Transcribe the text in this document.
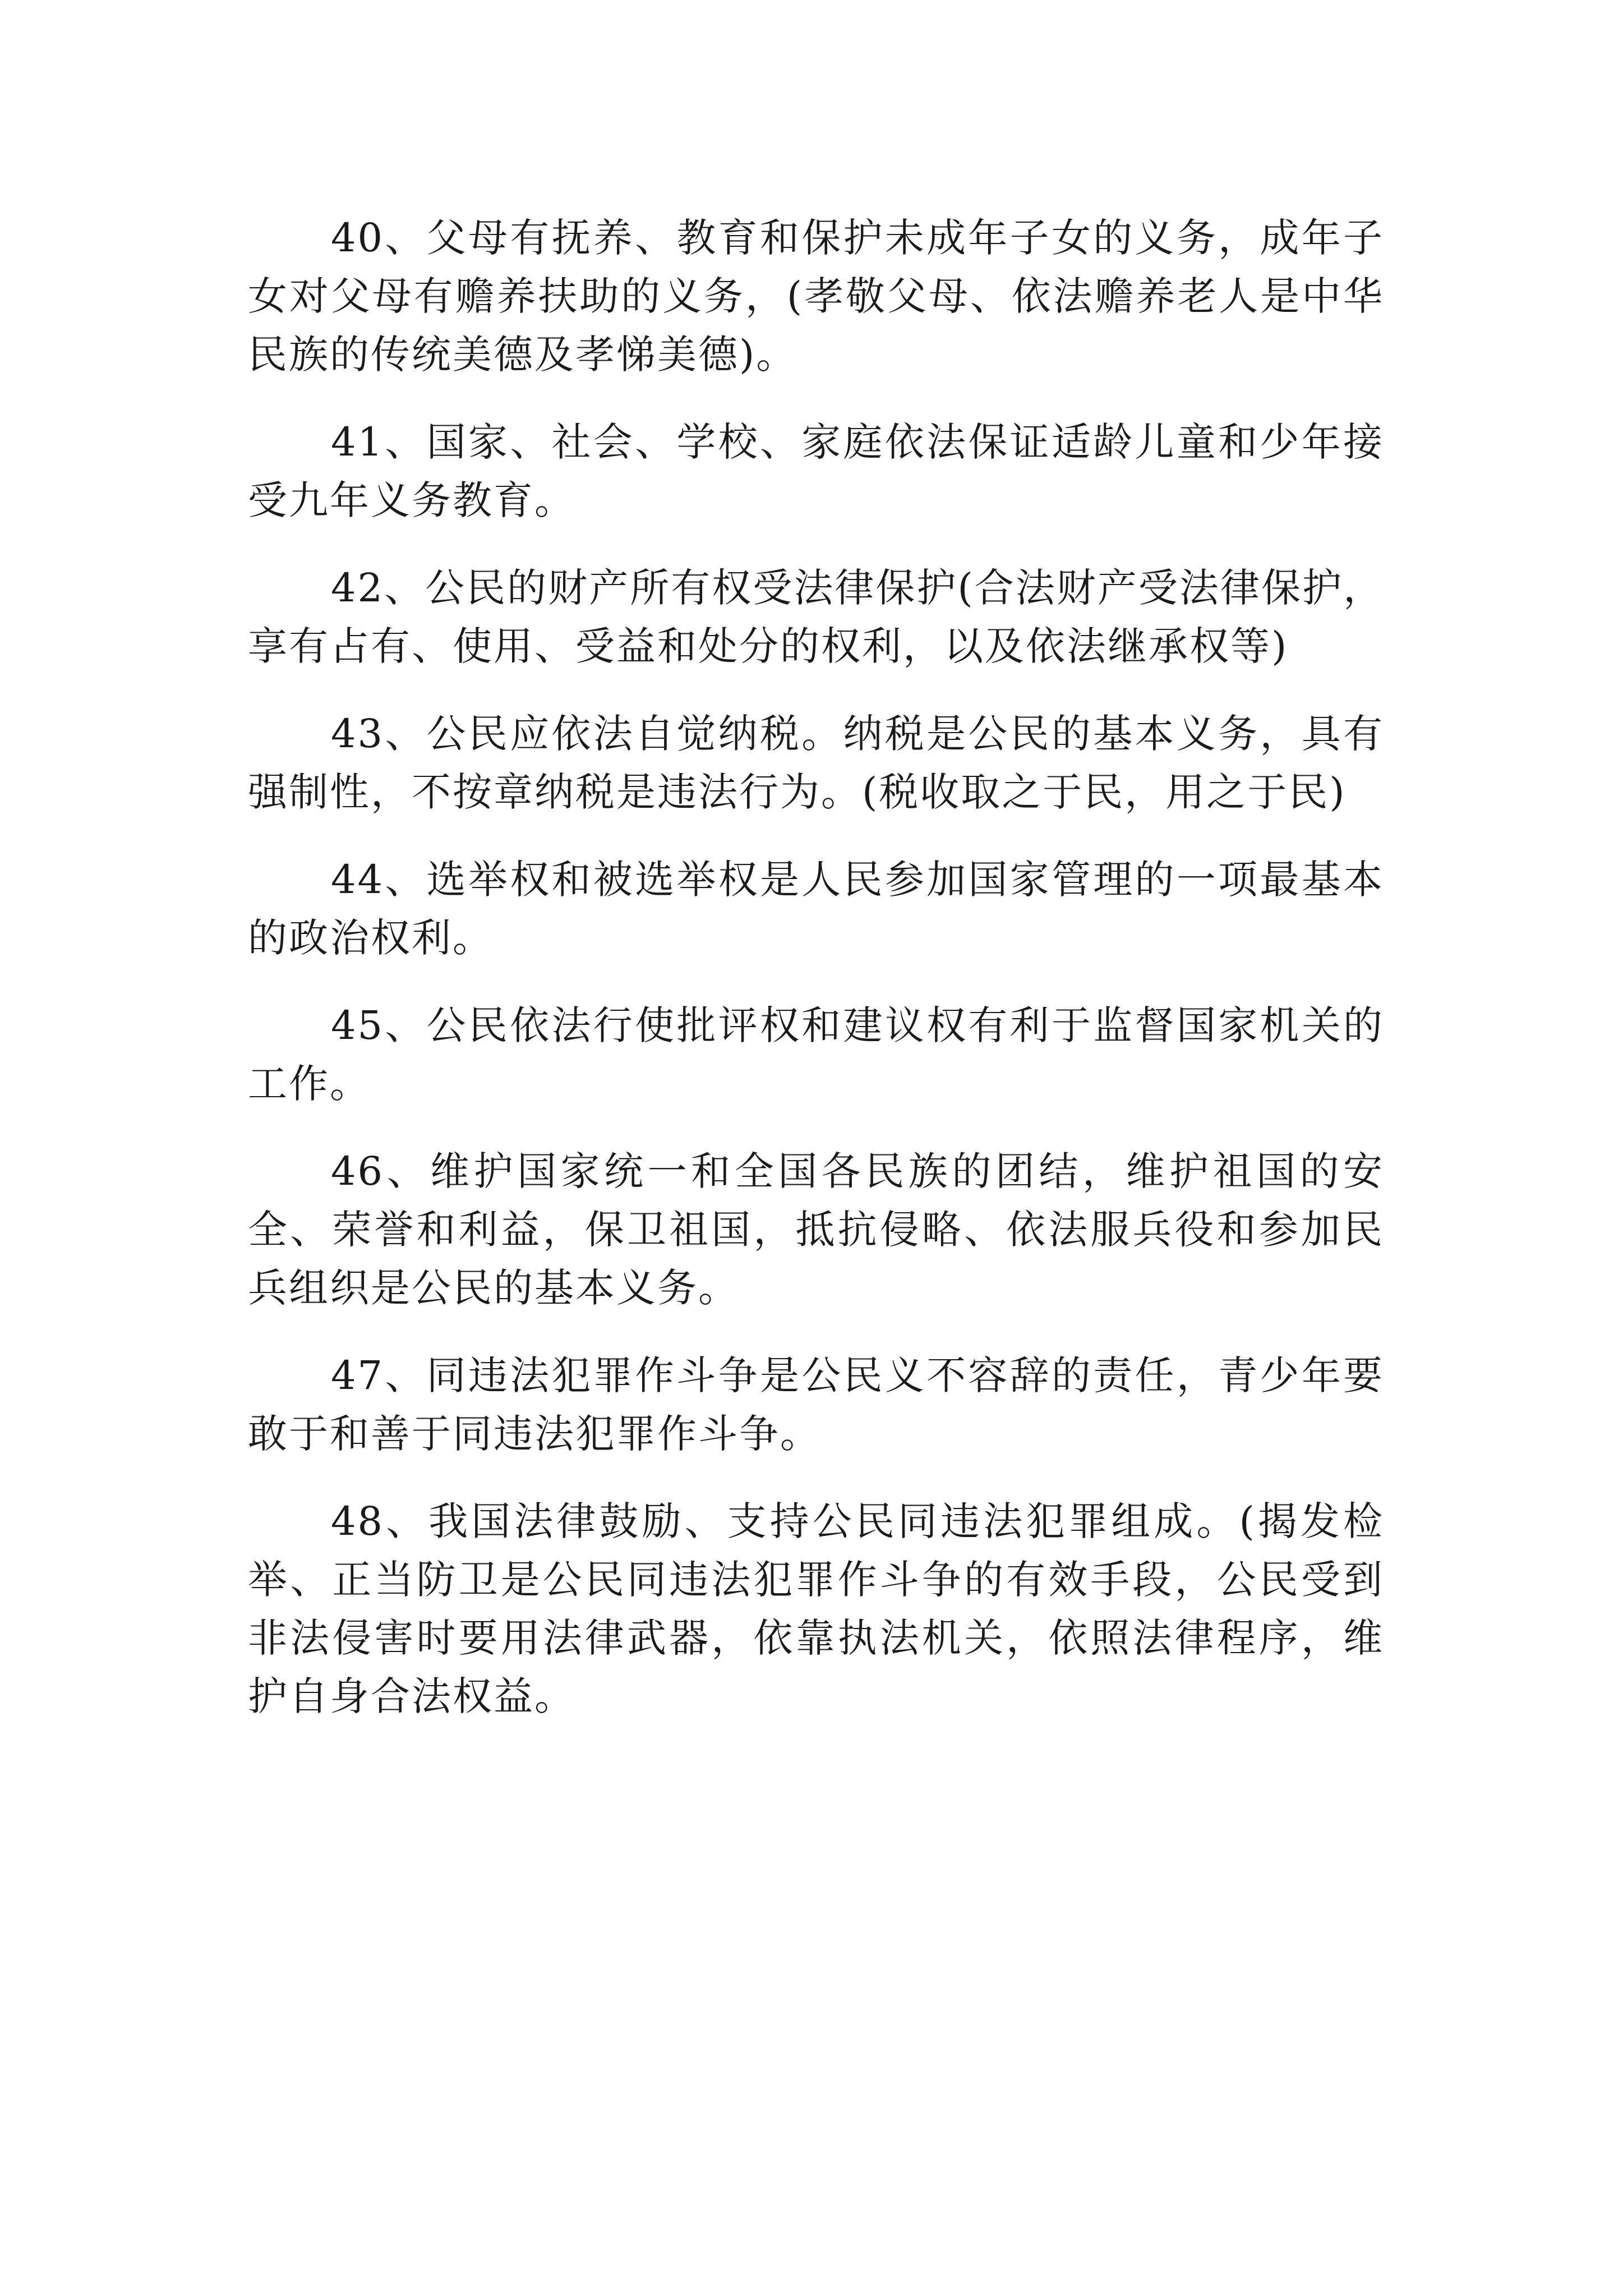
40、父母有抚养、教育和保护未成年子女的义务，成年子女对父母有赡养扶助的义务，(孝敬父母、依法赡养老人是中华民族的传统美德及孝悌美德)。

41、国家、社会、学校、家庭依法保证适龄儿童和少年接受九年义务教育。

42、公民的财产所有权受法律保护(合法财产受法律保护，享有占有、使用、受益和处分的权利，以及依法继承权等)

43、公民应依法自觉纳税。纳税是公民的基本义务，具有强制性，不按章纳税是违法行为。(税收取之于民，用之于民)

44、选举权和被选举权是人民参加国家管理的一项最基本的政治权利。

45、公民依法行使批评权和建议权有利于监督国家机关的工作。

46、维护国家统一和全国各民族的团结，维护祖国的安全、荣誉和利益，保卫祖国，抵抗侵略、依法服兵役和参加民兵组织是公民的基本义务。

47、同违法犯罪作斗争是公民义不容辞的责任，青少年要敢于和善于同违法犯罪作斗争。

48、我国法律鼓励、支持公民同违法犯罪组成。(揭发检举、正当防卫是公民同违法犯罪作斗争的有效手段，公民受到非法侵害时要用法律武器，依靠执法机关，依照法律程序，维护自身合法权益。
